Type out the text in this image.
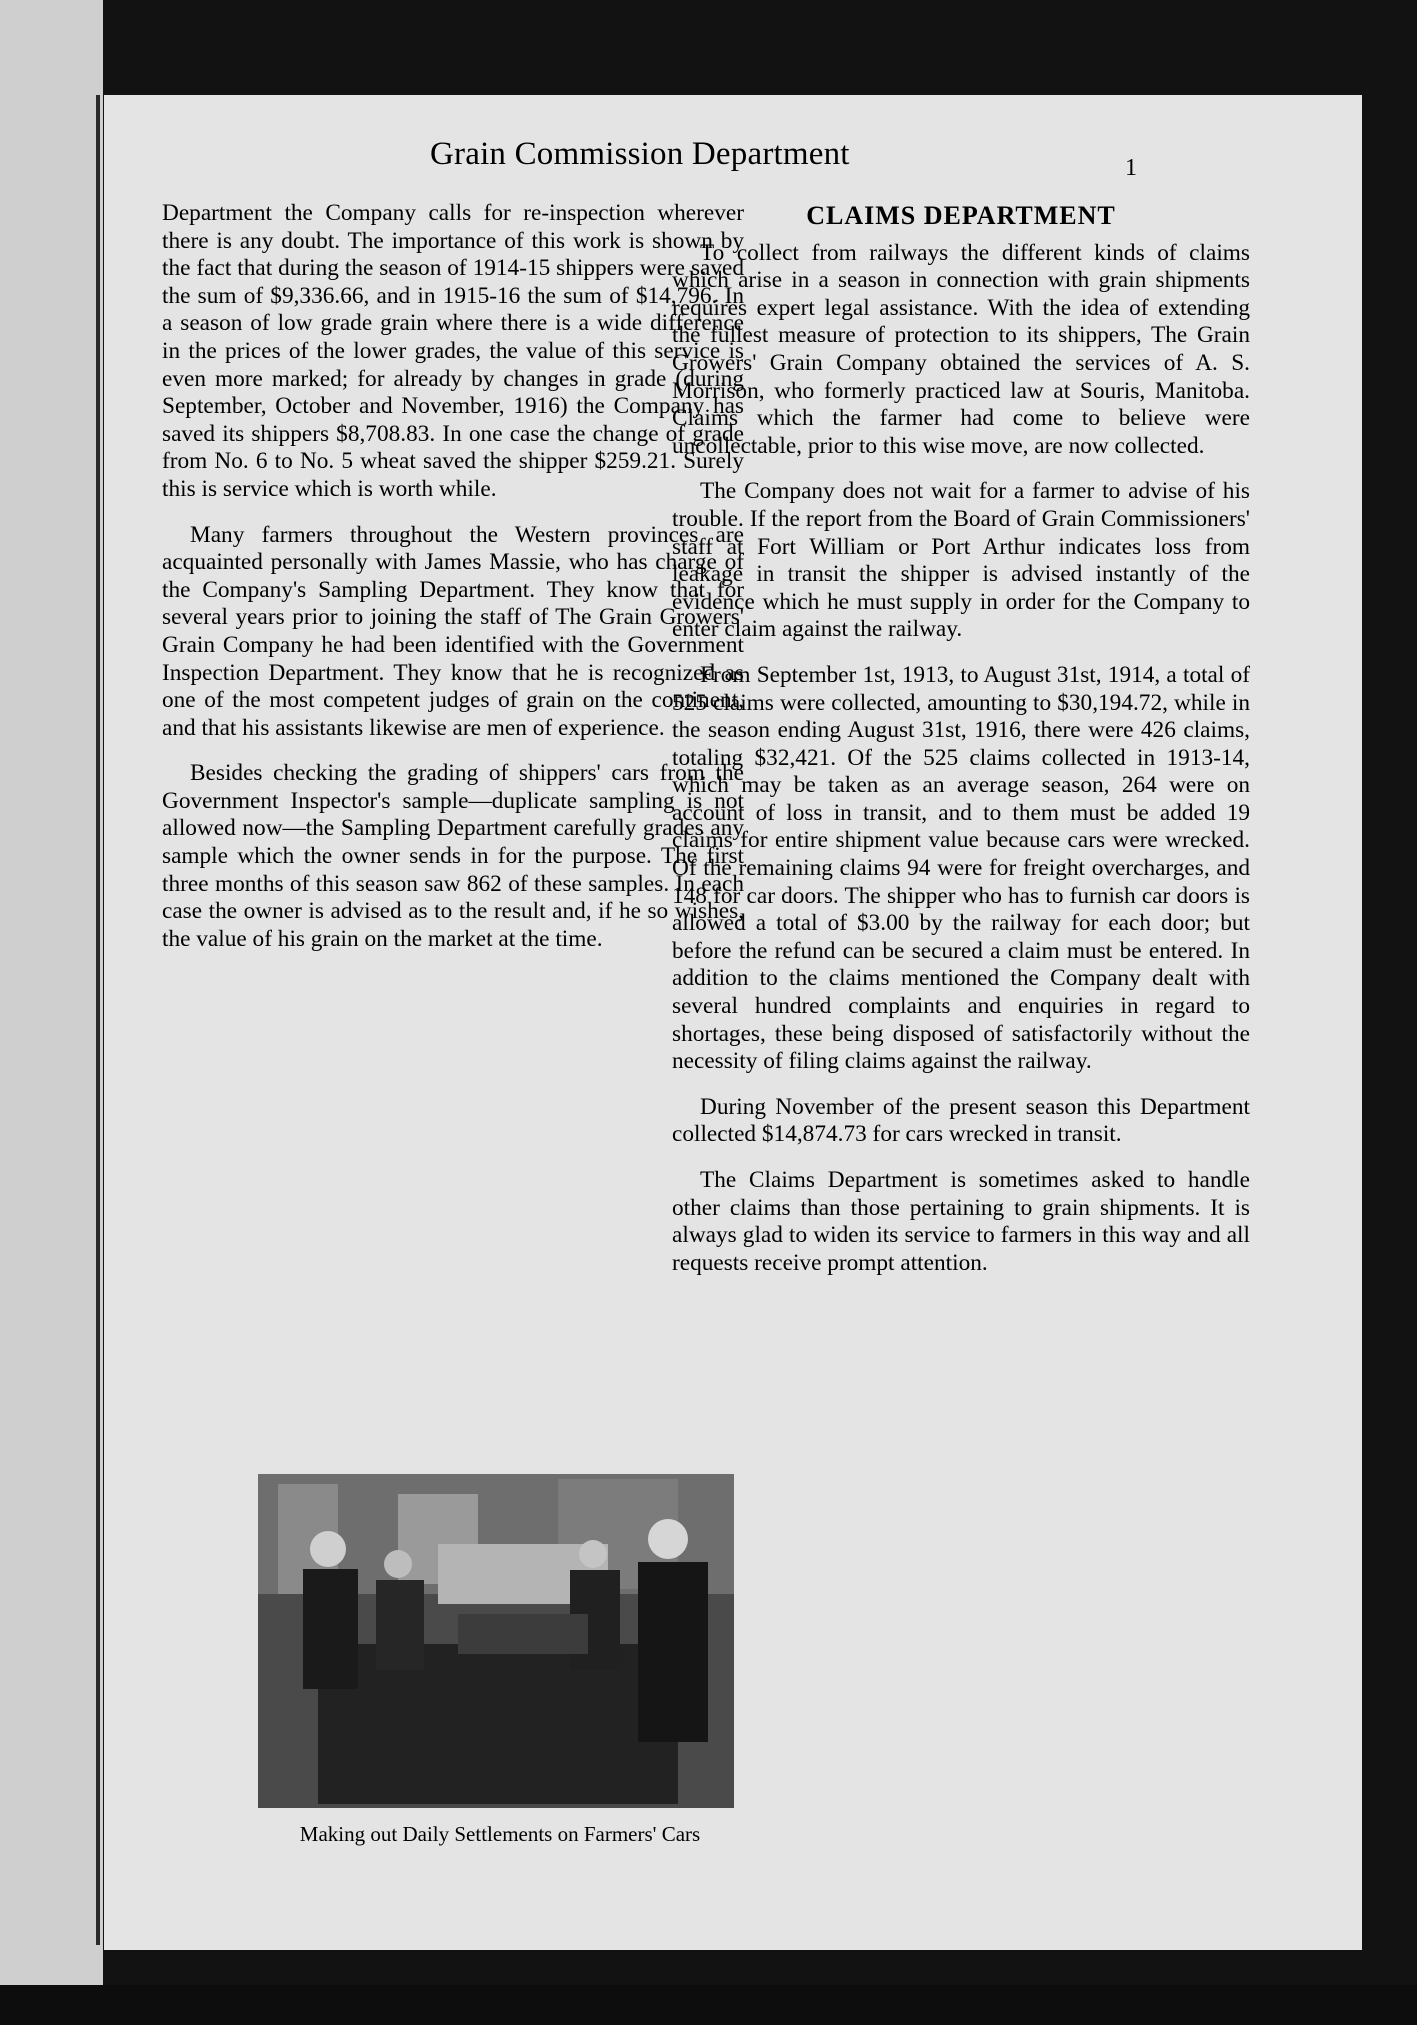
Grain Commission Department	1

Department the Company calls for re-inspection wherever there is any doubt. The importance of this work is shown by the fact that during the season of 1914-15 shippers were saved the sum of $9,336.66, and in 1915-16 the sum of $14,796. In a season of low grade grain where there is a wide difference in the prices of the lower grades, the value of this service is even more marked; for already by changes in grade (during September, October and November, 1916) the Company has saved its shippers $8,708.83. In one case the change of grade from No. 6 to No. 5 wheat saved the shipper $259.21. Surely this is service which is worth while.

Many farmers throughout the Western provinces are acquainted personally with James Massie, who has charge of the Company's Sampling Department. They know that for several years prior to joining the staff of The Grain Growers' Grain Company he had been identified with the Government Inspection Department. They know that he is recognized as one of the most competent judges of grain on the continent, and that his assistants likewise are men of experience.

Besides checking the grading of shippers' cars from the Government Inspector's sample—duplicate sampling is not allowed now—the Sampling Department carefully grades any sample which the owner sends in for the purpose. The first three months of this season saw 862 of these samples. In each case the owner is advised as to the result and, if he so wishes, the value of his grain on the market at the time.

Making out Daily Settlements on Farmers' Cars
CLAIMS DEPARTMENT

To collect from railways the different kinds of claims which arise in a season in connection with grain shipments requires expert legal assistance. With the idea of extending the fullest measure of protection to its shippers, The Grain Growers' Grain Company obtained the services of A. S. Morrison, who formerly practiced law at Souris, Manitoba. Claims which the farmer had come to believe were uncollectable, prior to this wise move, are now collected.

The Company does not wait for a farmer to advise of his trouble. If the report from the Board of Grain Commissioners' staff at Fort William or Port Arthur indicates loss from leakage in transit the shipper is advised instantly of the evidence which he must supply in order for the Company to enter claim against the railway.

From September 1st, 1913, to August 31st, 1914, a total of 525 claims were collected, amounting to $30,194.72, while in the season ending August 31st, 1916, there were 426 claims, totaling $32,421. Of the 525 claims collected in 1913-14, which may be taken as an average season, 264 were on account of loss in transit, and to them must be added 19 claims for entire shipment value because cars were wrecked. Of the remaining claims 94 were for freight overcharges, and 148 for car doors. The shipper who has to furnish car doors is allowed a total of $3.00 by the railway for each door; but before the refund can be secured a claim must be entered. In addition to the claims mentioned the Company dealt with several hundred complaints and enquiries in regard to shortages, these being disposed of satisfactorily without the necessity of filing claims against the railway.

During November of the present season this Department collected $14,874.73 for cars wrecked in transit.

The Claims Department is sometimes asked to handle other claims than those pertaining to grain shipments. It is always glad to widen its service to farmers in this way and all requests receive prompt attention.
